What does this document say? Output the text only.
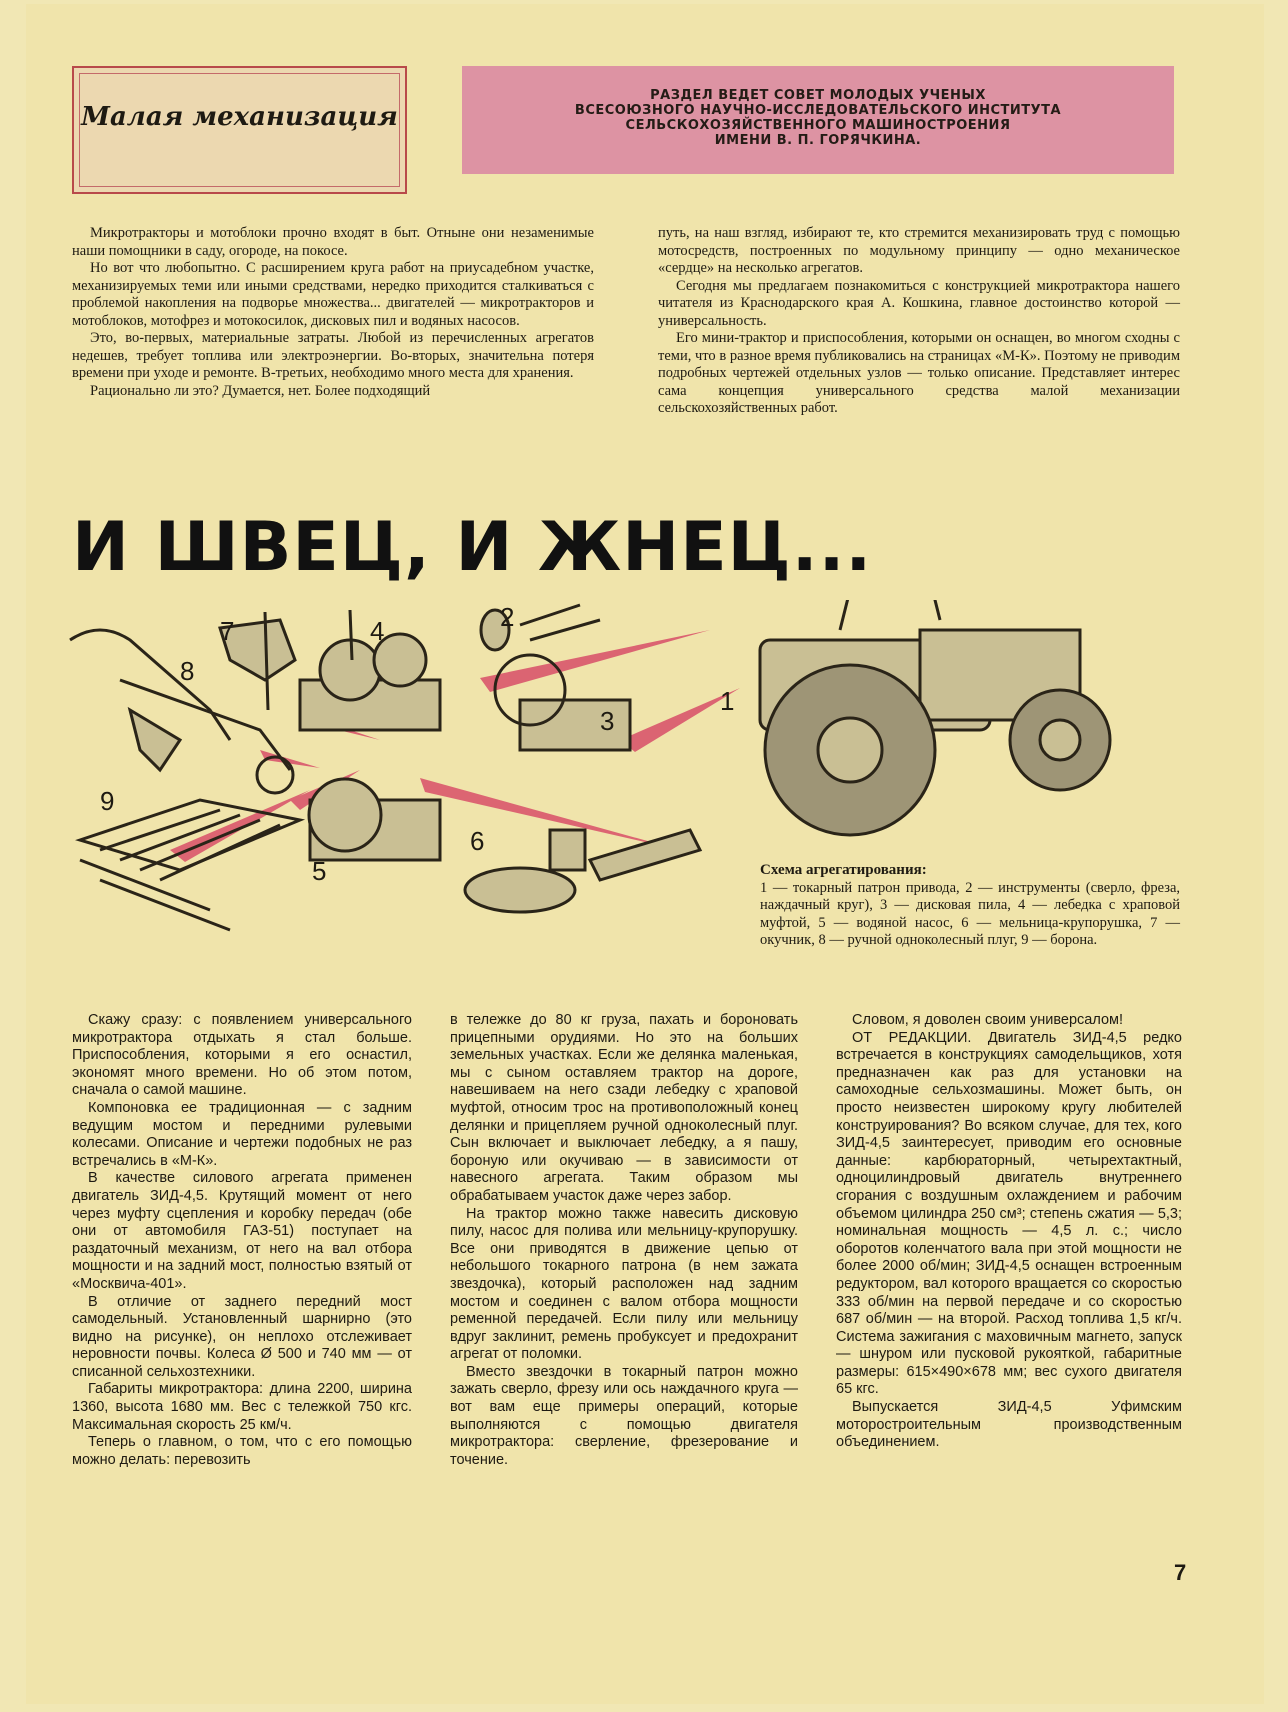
Малая механизация
РАЗДЕЛ ВЕДЕТ СОВЕТ МОЛОДЫХ УЧЕНЫХ
ВСЕСОЮЗНОГО НАУЧНО-ИССЛЕДОВАТЕЛЬСКОГО ИНСТИТУТА
СЕЛЬСКОХОЗЯЙСТВЕННОГО МАШИНОСТРОЕНИЯ
ИМЕНИ В. П. ГОРЯЧКИНА.

Микротракторы и мотоблоки прочно входят в быт. Отныне они незаменимые наши помощники в саду, огороде, на покосе.

Но вот что любопытно. С расширением круга работ на приусадебном участке, механизируемых теми или иными средствами, нередко приходится сталкиваться с проблемой накопления на подворье множества... двигателей — микротракторов и мотоблоков, мотофрез и мотокосилок, дисковых пил и водяных насосов.

Это, во-первых, материальные затраты. Любой из перечисленных агрегатов недешев, требует топлива или электроэнергии. Во-вторых, значительна потеря времени при уходе и ремонте. В-третьих, необходимо много места для хранения.

Рационально ли это? Думается, нет. Более подходящий

путь, на наш взгляд, избирают те, кто стремится механизировать труд с помощью мотосредств, построенных по модульному принципу — одно механическое «сердце» на несколько агрегатов.

Сегодня мы предлагаем познакомиться с конструкцией микротрактора нашего читателя из Краснодарского края А. Кошкина, главное достоинство которой — универсальность.

Его мини-трактор и приспособления, которыми он оснащен, во многом сходны с теми, что в разное время публиковались на страницах «М-К». Поэтому не приводим подробных чертежей отдельных узлов — только описание. Представляет интерес сама концепция универсального средства малой механизации сельскохозяйственных работ.

И ШВЕЦ, И ЖНЕЦ...
1
2
3
4
5
6
7
8
9
Схема агрегатирования:
1 — токарный патрон привода, 2 — инструменты (сверло, фреза, наждачный круг), 3 — дисковая пила, 4 — лебедка с храповой муфтой, 5 — водяной насос, 6 — мельница-крупорушка, 7 — окучник, 8 — ручной одноколесный плуг, 9 — борона.

Скажу сразу: с появлением универсального микротрактора отдыхать я стал больше. Приспособления, которыми я его оснастил, экономят много времени. Но об этом потом, сначала о самой машине.

Компоновка ее традиционная — с задним ведущим мостом и передними рулевыми колесами. Описание и чертежи подобных не раз встречались в «М-К».

В качестве силового агрегата применен двигатель ЗИД-4,5. Крутящий момент от него через муфту сцепления и коробку передач (обе они от автомобиля ГАЗ-51) поступает на раздаточный механизм, от него на вал отбора мощности и на задний мост, полностью взятый от «Москвича-401».

В отличие от заднего передний мост самодельный. Установленный шарнирно (это видно на рисунке), он неплохо отслеживает неровности почвы. Колеса Ø 500 и 740 мм — от списанной сельхозтехники.

Габариты микротрактора: длина 2200, ширина 1360, высота 1680 мм. Вес с тележкой 750 кгс. Максимальная скорость 25 км/ч.

Теперь о главном, о том, что с его помощью можно делать: перевозить

в тележке до 80 кг груза, пахать и бороновать прицепными орудиями. Но это на больших земельных участках. Если же делянка маленькая, мы с сыном оставляем трактор на дороге, навешиваем на него сзади лебедку с храповой муфтой, относим трос на противоположный конец делянки и прицепляем ручной одноколесный плуг. Сын включает и выключает лебедку, а я пашу, бороную или окучиваю — в зависимости от навесного агрегата. Таким образом мы обрабатываем участок даже через забор.

На трактор можно также навесить дисковую пилу, насос для полива или мельницу-крупорушку. Все они приводятся в движение цепью от небольшого токарного патрона (в нем зажата звездочка), который расположен над задним мостом и соединен с валом отбора мощности ременной передачей. Если пилу или мельницу вдруг заклинит, ремень пробуксует и предохранит агрегат от поломки.

Вместо звездочки в токарный патрон можно зажать сверло, фрезу или ось наждачного круга — вот вам еще примеры операций, которые выполняются с помощью двигателя микротрактора: сверление, фрезерование и точение.

Словом, я доволен своим универсалом!

ОТ РЕДАКЦИИ. Двигатель ЗИД-4,5 редко встречается в конструкциях самодельщиков, хотя предназначен как раз для установки на самоходные сельхозмашины. Может быть, он просто неизвестен широкому кругу любителей конструирования? Во всяком случае, для тех, кого ЗИД-4,5 заинтересует, приводим его основные данные: карбюраторный, четырехтактный, одноцилиндровый двигатель внутреннего сгорания с воздушным охлаждением и рабочим объемом цилиндра 250 см³; степень сжатия — 5,3; номинальная мощность — 4,5 л. с.; число оборотов коленчатого вала при этой мощности не более 2000 об/мин; ЗИД-4,5 оснащен встроенным редуктором, вал которого вращается со скоростью 333 об/мин на первой передаче и со скоростью 687 об/мин — на второй. Расход топлива 1,5 кг/ч. Система зажигания с маховичным магнето, запуск — шнуром или пусковой рукояткой, габаритные размеры: 615×490×678 мм; вес сухого двигателя 65 кгс.

Выпускается ЗИД-4,5 Уфимским моторостроительным производственным объединением.

7
